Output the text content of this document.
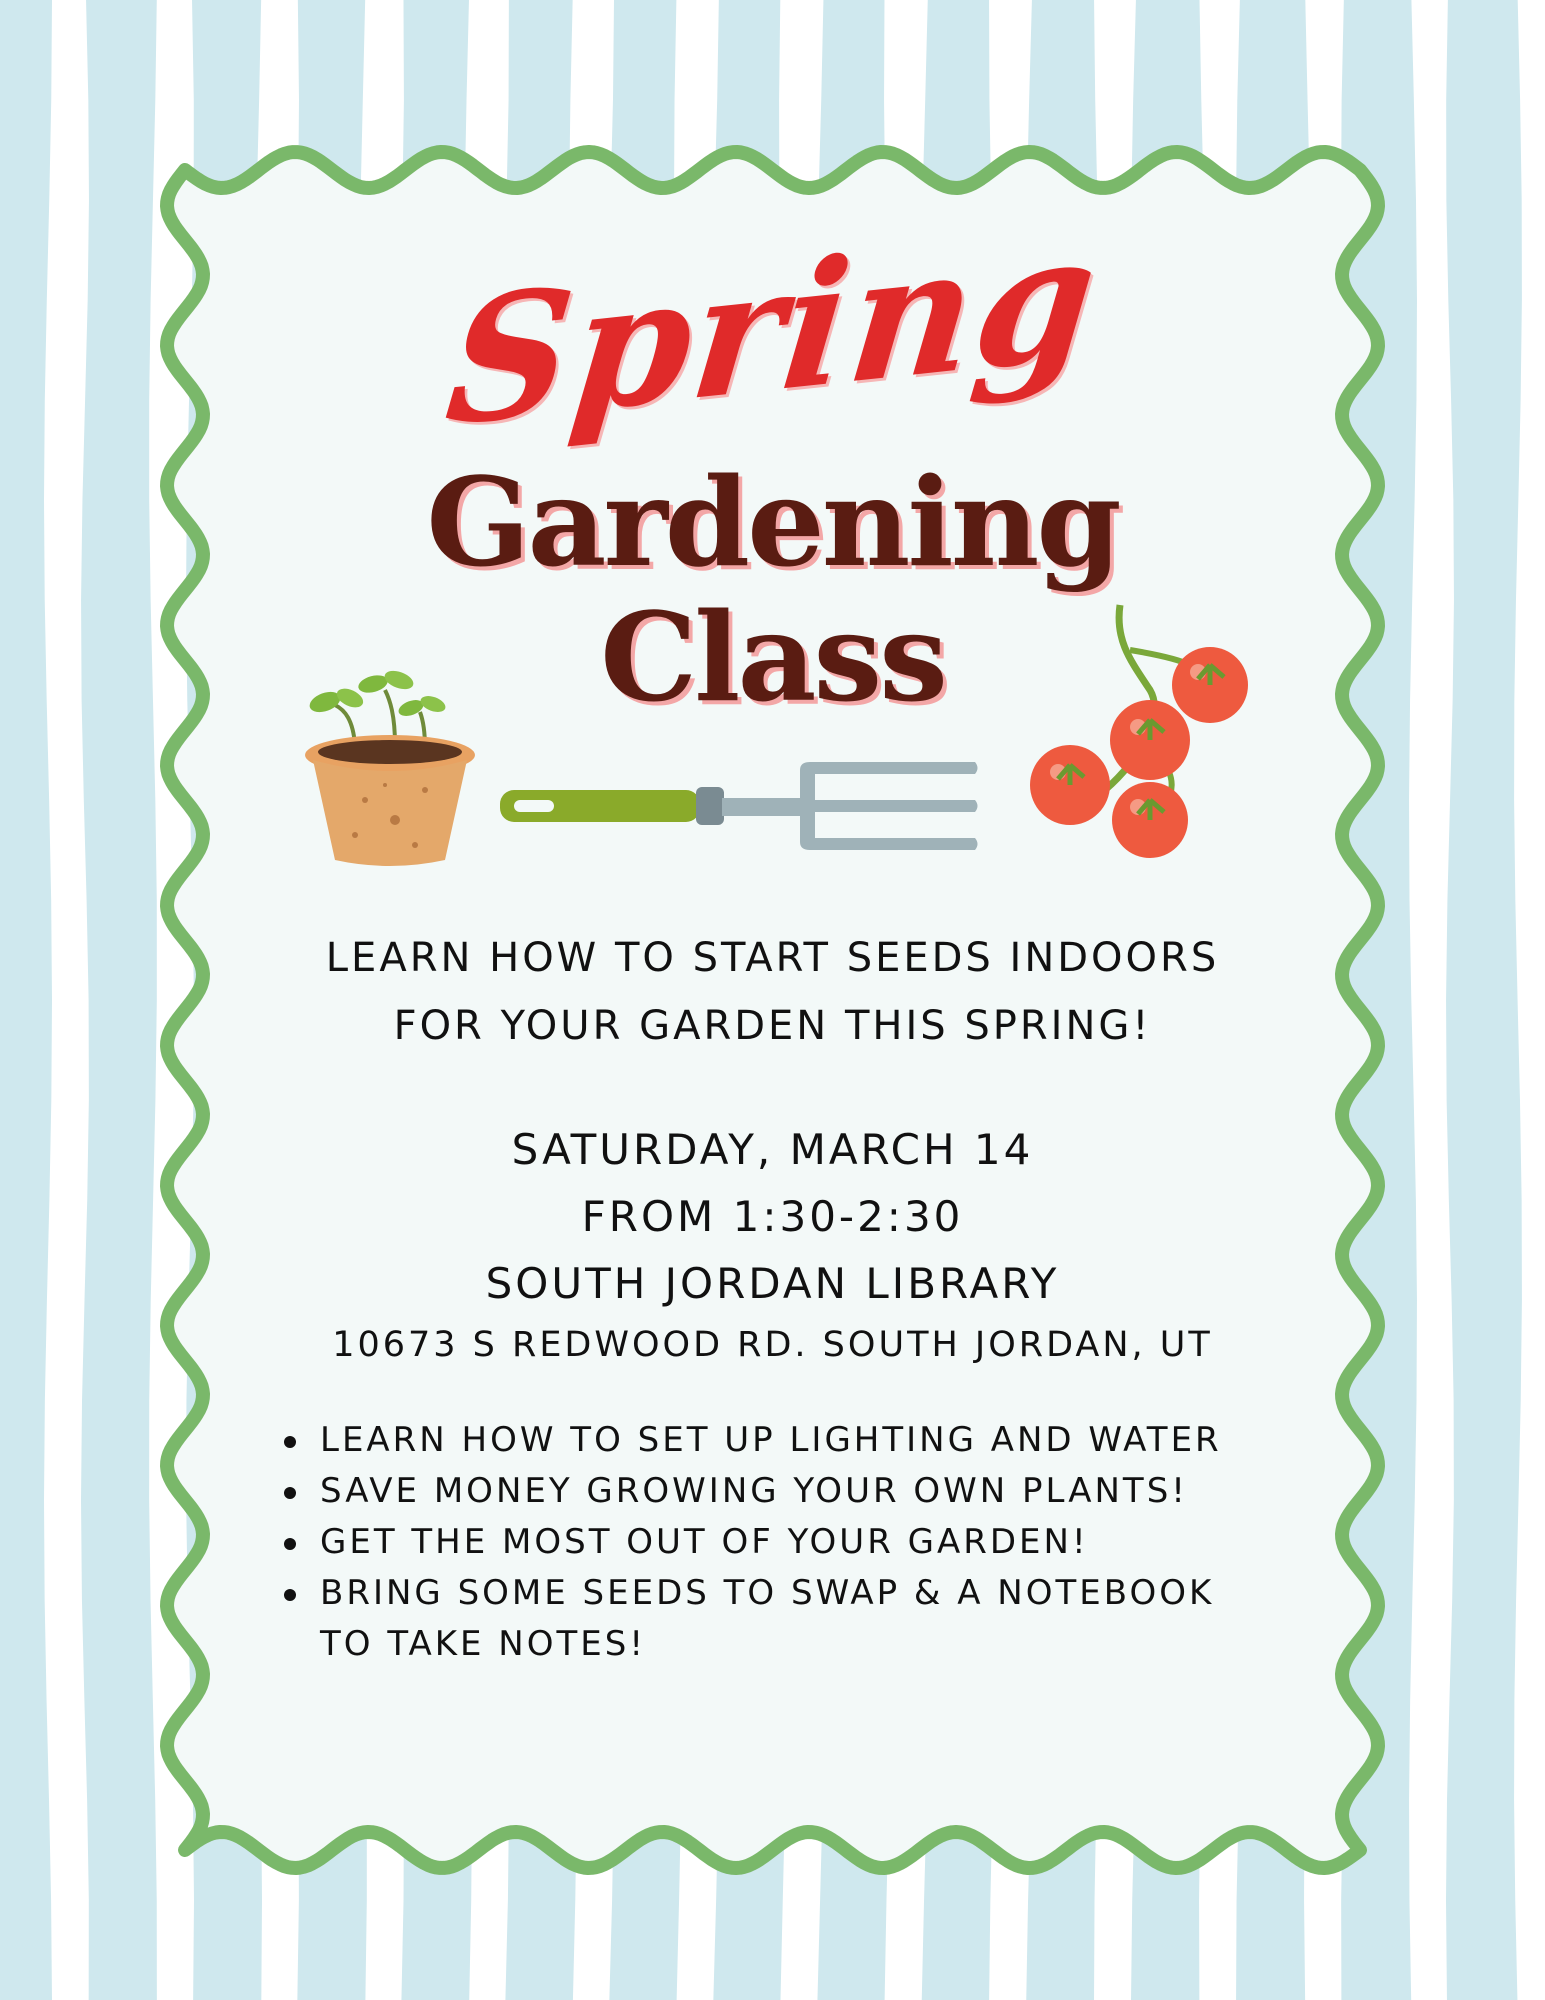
Spring
Gardening
Class
LEARN HOW TO START SEEDS INDOORS
FOR YOUR GARDEN THIS SPRING!
SATURDAY, MARCH 14
FROM 1:30-2:30
SOUTH JORDAN LIBRARY
10673 S REDWOOD RD. SOUTH JORDAN, UT
LEARN HOW TO SET UP LIGHTING AND WATER
SAVE MONEY GROWING YOUR OWN PLANTS!
GET THE MOST OUT OF YOUR GARDEN!
BRING SOME SEEDS TO SWAP & A NOTEBOOK
TO TAKE NOTES!
